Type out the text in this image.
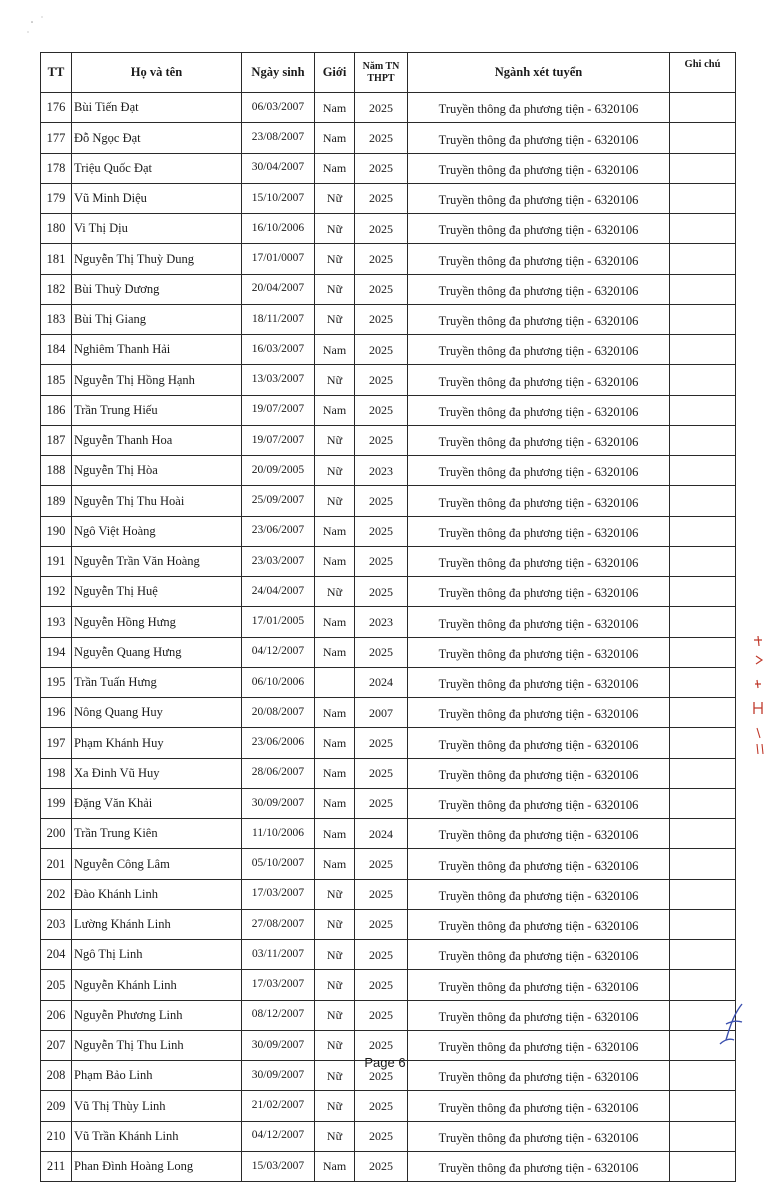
TT	Họ và tên	Ngày sinh	Giới	Năm TN
THPT	Ngành xét tuyển	Ghi chú
176	Bùi Tiến Đạt	06/03/2007	Nam	2025	Truyền thông đa phương tiện - 6320106	
177	Đỗ Ngọc Đạt	23/08/2007	Nam	2025	Truyền thông đa phương tiện - 6320106	
178	Triệu Quốc Đạt	30/04/2007	Nam	2025	Truyền thông đa phương tiện - 6320106	
179	Vũ Minh Diệu	15/10/2007	Nữ	2025	Truyền thông đa phương tiện - 6320106	
180	Vi Thị Dịu	16/10/2006	Nữ	2025	Truyền thông đa phương tiện - 6320106	
181	Nguyễn Thị Thuỳ Dung	17/01/0007	Nữ	2025	Truyền thông đa phương tiện - 6320106	
182	Bùi Thuỳ Dương	20/04/2007	Nữ	2025	Truyền thông đa phương tiện - 6320106	
183	Bùi Thị Giang	18/11/2007	Nữ	2025	Truyền thông đa phương tiện - 6320106	
184	Nghiêm Thanh Hải	16/03/2007	Nam	2025	Truyền thông đa phương tiện - 6320106	
185	Nguyễn Thị Hồng Hạnh	13/03/2007	Nữ	2025	Truyền thông đa phương tiện - 6320106	
186	Trần Trung Hiếu	19/07/2007	Nam	2025	Truyền thông đa phương tiện - 6320106	
187	Nguyễn Thanh Hoa	19/07/2007	Nữ	2025	Truyền thông đa phương tiện - 6320106	
188	Nguyễn Thị Hòa	20/09/2005	Nữ	2023	Truyền thông đa phương tiện - 6320106	
189	Nguyễn Thị Thu Hoài	25/09/2007	Nữ	2025	Truyền thông đa phương tiện - 6320106	
190	Ngô Việt Hoàng	23/06/2007	Nam	2025	Truyền thông đa phương tiện - 6320106	
191	Nguyễn Trần Văn Hoàng	23/03/2007	Nam	2025	Truyền thông đa phương tiện - 6320106	
192	Nguyễn Thị Huệ	24/04/2007	Nữ	2025	Truyền thông đa phương tiện - 6320106	
193	Nguyễn Hồng Hưng	17/01/2005	Nam	2023	Truyền thông đa phương tiện - 6320106	
194	Nguyễn Quang Hưng	04/12/2007	Nam	2025	Truyền thông đa phương tiện - 6320106	
195	Trần Tuấn Hưng	06/10/2006		2024	Truyền thông đa phương tiện - 6320106	
196	Nông Quang Huy	20/08/2007	Nam	2007	Truyền thông đa phương tiện - 6320106	
197	Phạm Khánh Huy	23/06/2006	Nam	2025	Truyền thông đa phương tiện - 6320106	
198	Xa Đinh Vũ Huy	28/06/2007	Nam	2025	Truyền thông đa phương tiện - 6320106	
199	Đặng Văn Khải	30/09/2007	Nam	2025	Truyền thông đa phương tiện - 6320106	
200	Trần Trung Kiên	11/10/2006	Nam	2024	Truyền thông đa phương tiện - 6320106	
201	Nguyễn Công Lâm	05/10/2007	Nam	2025	Truyền thông đa phương tiện - 6320106	
202	Đào Khánh Linh	17/03/2007	Nữ	2025	Truyền thông đa phương tiện - 6320106	
203	Lường Khánh Linh	27/08/2007	Nữ	2025	Truyền thông đa phương tiện - 6320106	
204	Ngô Thị Linh	03/11/2007	Nữ	2025	Truyền thông đa phương tiện - 6320106	
205	Nguyễn Khánh Linh	17/03/2007	Nữ	2025	Truyền thông đa phương tiện - 6320106	
206	Nguyễn Phương Linh	08/12/2007	Nữ	2025	Truyền thông đa phương tiện - 6320106	
207	Nguyễn Thị Thu Linh	30/09/2007	Nữ	2025	Truyền thông đa phương tiện - 6320106	
208	Phạm Bảo Linh	30/09/2007	Nữ	2025	Truyền thông đa phương tiện - 6320106	
209	Vũ Thị Thùy Linh	21/02/2007	Nữ	2025	Truyền thông đa phương tiện - 6320106	
210	Vũ Trần Khánh Linh	04/12/2007	Nữ	2025	Truyền thông đa phương tiện - 6320106	
211	Phan Đình Hoàng Long	15/03/2007	Nam	2025	Truyền thông đa phương tiện - 6320106	
Page 6
